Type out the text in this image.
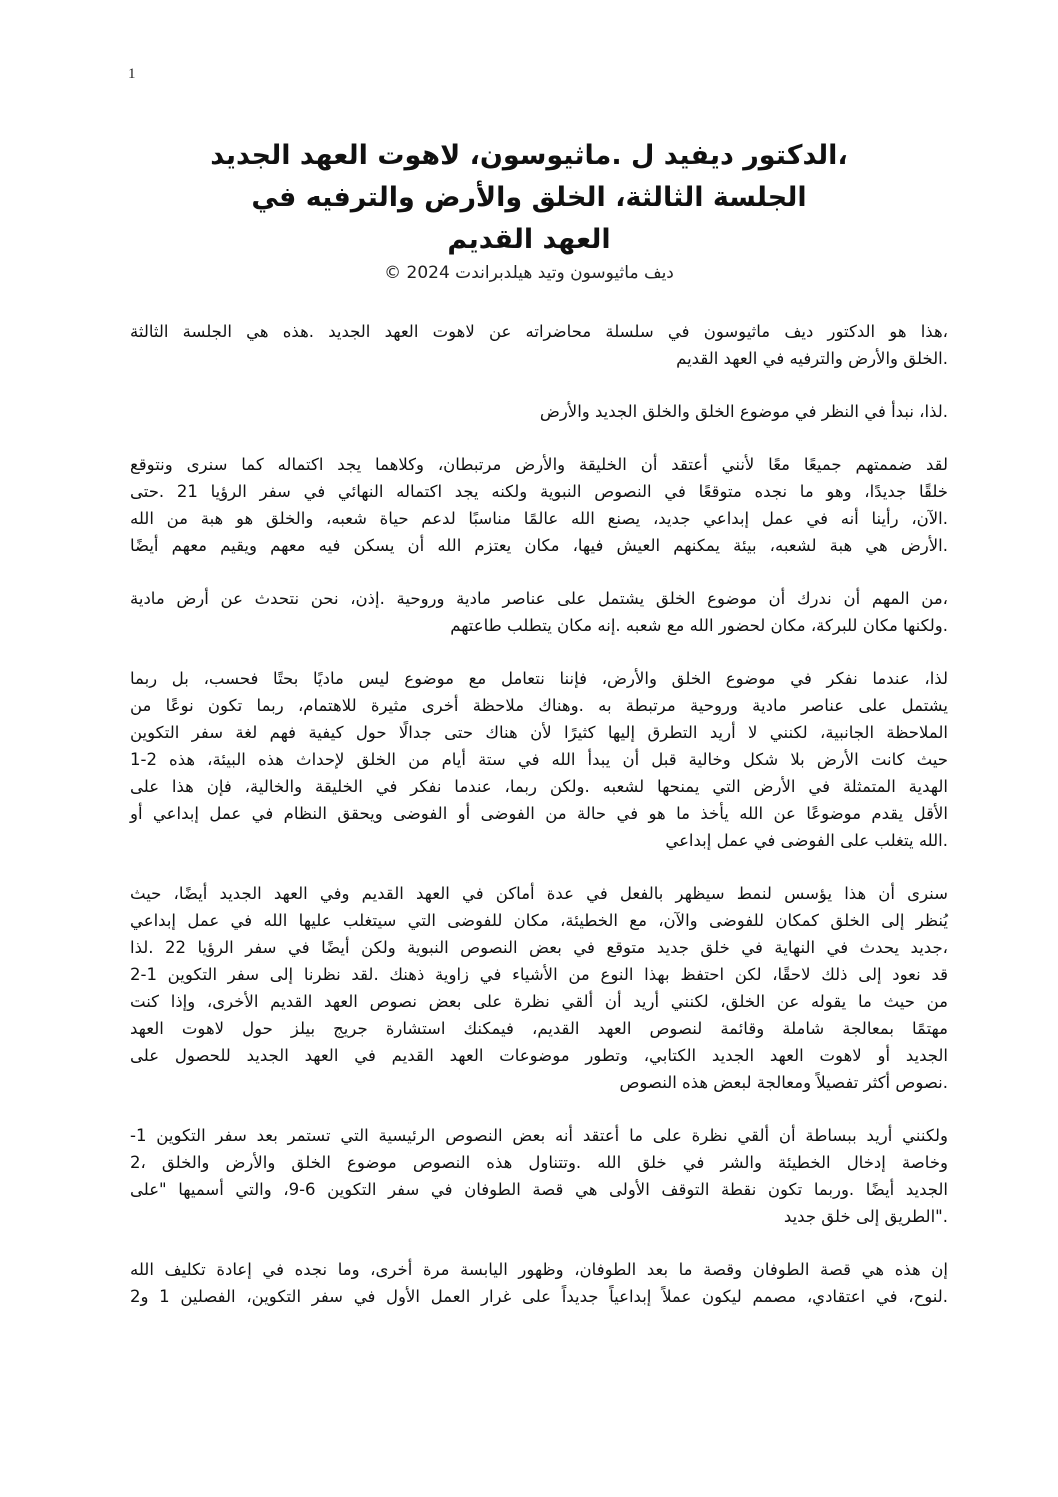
1
،الدكتور ديفيد ل .ماثيوسون، لاهوت العهد الجديد
الجلسة الثالثة، الخلق والأرض والترفيه في
العهد القديم
ديف ماثيوسون وتيد هيلدبراندت 2024 ©

،هذا هو الدكتور ديف ماثيوسون في سلسلة محاضراته عن لاهوت العهد الجديد .هذه هي الجلسة الثالثة
.الخلق والأرض والترفيه في العهد القديم

.لذا، نبدأ في النظر في موضوع الخلق والخلق الجديد والأرض

لقد ضممتهم جميعًا معًا لأنني أعتقد أن الخليقة والأرض مرتبطان، وكلاهما يجد اكتماله كما سنرى ونتوقع
خلقًا جديدًا، وهو ما نجده متوقعًا في النصوص النبوية ولكنه يجد اكتماله النهائي في سفر الرؤيا 21 .حتى
.الآن، رأينا أنه في عمل إبداعي جديد، يصنع الله عالمًا مناسبًا لدعم حياة شعبه، والخلق هو هبة من الله
.الأرض هي هبة لشعبه، بيئة يمكنهم العيش فيها، مكان يعتزم الله أن يسكن فيه معهم ويقيم معهم أيضًا

،من المهم أن ندرك أن موضوع الخلق يشتمل على عناصر مادية وروحية .إذن، نحن نتحدث عن أرض مادية
.ولكنها مكان للبركة، مكان لحضور الله مع شعبه .إنه مكان يتطلب طاعتهم

لذا، عندما نفكر في موضوع الخلق والأرض، فإننا نتعامل مع موضوع ليس ماديًا بحتًا فحسب، بل ربما
يشتمل على عناصر مادية وروحية مرتبطة به .وهناك ملاحظة أخرى مثيرة للاهتمام، ربما تكون نوعًا من
الملاحظة الجانبية، لكنني لا أريد التطرق إليها كثيرًا لأن هناك حتى جدالًا حول كيفية فهم لغة سفر التكوين
حيث كانت الأرض بلا شكل وخالية قبل أن يبدأ الله في ستة أيام من الخلق لإحداث هذه البيئة، هذه 2-1
الهدية المتمثلة في الأرض التي يمنحها لشعبه .ولكن ربما، عندما نفكر في الخليقة والخالية، فإن هذا على
الأقل يقدم موضوعًا عن الله يأخذ ما هو في حالة من الفوضى أو الفوضى ويحقق النظام في عمل إبداعي أو
.الله يتغلب على الفوضى في عمل إبداعي

سنرى أن هذا يؤسس لنمط سيظهر بالفعل في عدة أماكن في العهد القديم وفي العهد الجديد أيضًا، حيث
يُنظر إلى الخلق كمكان للفوضى والآن، مع الخطيئة، مكان للفوضى التي سيتغلب عليها الله في عمل إبداعي
،جديد يحدث في النهاية في خلق جديد متوقع في بعض النصوص النبوية ولكن أيضًا في سفر الرؤيا 22 .لذا
قد نعود إلى ذلك لاحقًا، لكن احتفظ بهذا النوع من الأشياء في زاوية ذهنك .لقد نظرنا إلى سفر التكوين 1-2
من حيث ما يقوله عن الخلق، لكنني أريد أن ألقي نظرة على بعض نصوص العهد القديم الأخرى، وإذا كنت
مهتمًا بمعالجة شاملة وقائمة لنصوص العهد القديم، فيمكنك استشارة جريج بيلز حول لاهوت العهد
الجديد أو لاهوت العهد الجديد الكتابي، وتطور موضوعات العهد القديم في العهد الجديد للحصول على
.نصوص أكثر تفصيلاً ومعالجة لبعض هذه النصوص

ولكنني أريد ببساطة أن ألقي نظرة على ما أعتقد أنه بعض النصوص الرئيسية التي تستمر بعد سفر التكوين 1-
وخاصة إدخال الخطيئة والشر في خلق الله .وتتناول هذه النصوص موضوع الخلق والأرض والخلق ،2
الجديد أيضًا .وربما تكون نقطة التوقف الأولى هي قصة الطوفان في سفر التكوين 6-9، والتي أسميها "على
."الطريق إلى خلق جديد

إن هذه هي قصة الطوفان وقصة ما بعد الطوفان، وظهور اليابسة مرة أخرى، وما نجده في إعادة تكليف الله
.لنوح، في اعتقادي، مصمم ليكون عملاً إبداعياً جديداً على غرار العمل الأول في سفر التكوين، الفصلين 1 و2
